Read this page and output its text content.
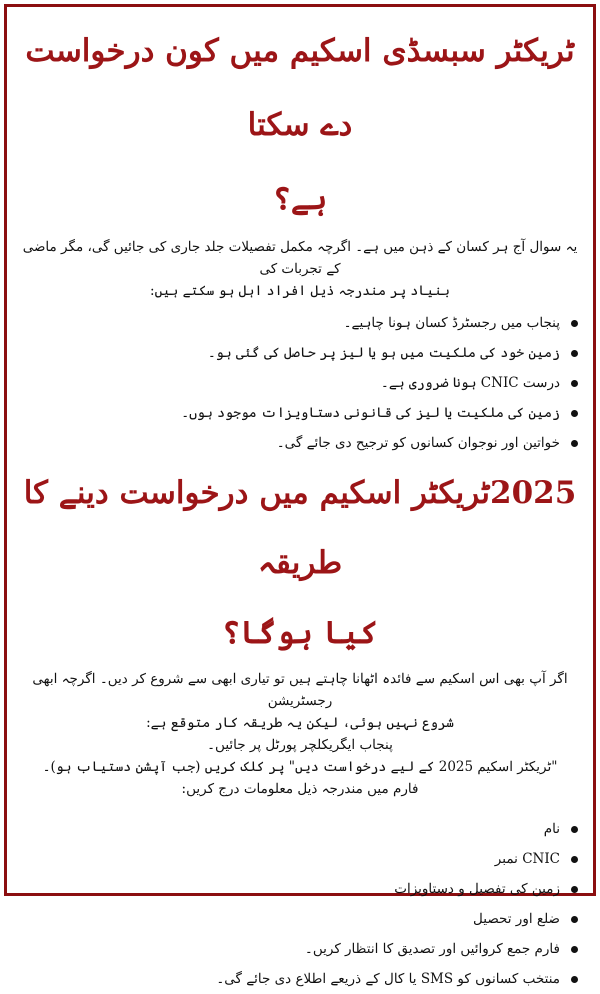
ٹریکٹر سبسڈی اسکیم میں کون درخواست دے سکتا
ہے؟
یہ سوال آج ہر کسان کے ذہن میں ہے۔ اگرچہ مکمل تفصیلات جلد جاری کی جائیں گی، مگر ماضی کے تجربات کی
بنیاد پر مندرجہ ذیل افراد اہل ہو سکتے ہیں:
پنجاب میں رجسٹرڈ کسان ہونا چاہیے۔
زمین خود کی ملکیت میں ہو یا لیز پر حاصل کی گئی ہو۔
درست CNIC ہونا ضروری ہے۔
زمین کی ملکیت یا لیز کی قانونی دستاویزات موجود ہوں۔
خواتین اور نوجوان کسانوں کو ترجیح دی جائے گی۔
2025ٹریکٹر اسکیم میں درخواست دینے کا طریقہ
کیا ہوگا؟
اگر آپ بھی اس اسکیم سے فائدہ اٹھانا چاہتے ہیں تو تیاری ابھی سے شروع کر دیں۔ اگرچہ ابھی رجسٹریشن
شروع نہیں ہوئی، لیکن یہ طریقہ کار متوقع ہے:
پنجاب ایگریکلچر پورٹل پر جائیں۔
"ٹریکٹر اسکیم 2025 کے لیے درخواست دیں" پر کلک کریں (جب آپشن دستیاب ہو)۔
فارم میں مندرجہ ذیل معلومات درج کریں:
نام
CNIC نمبر
زمین کی تفصیل و دستاویزات
ضلع اور تحصیل
فارم جمع کروائیں اور تصدیق کا انتظار کریں۔
منتخب کسانوں کو SMS یا کال کے ذریعے اطلاع دی جائے گی۔
